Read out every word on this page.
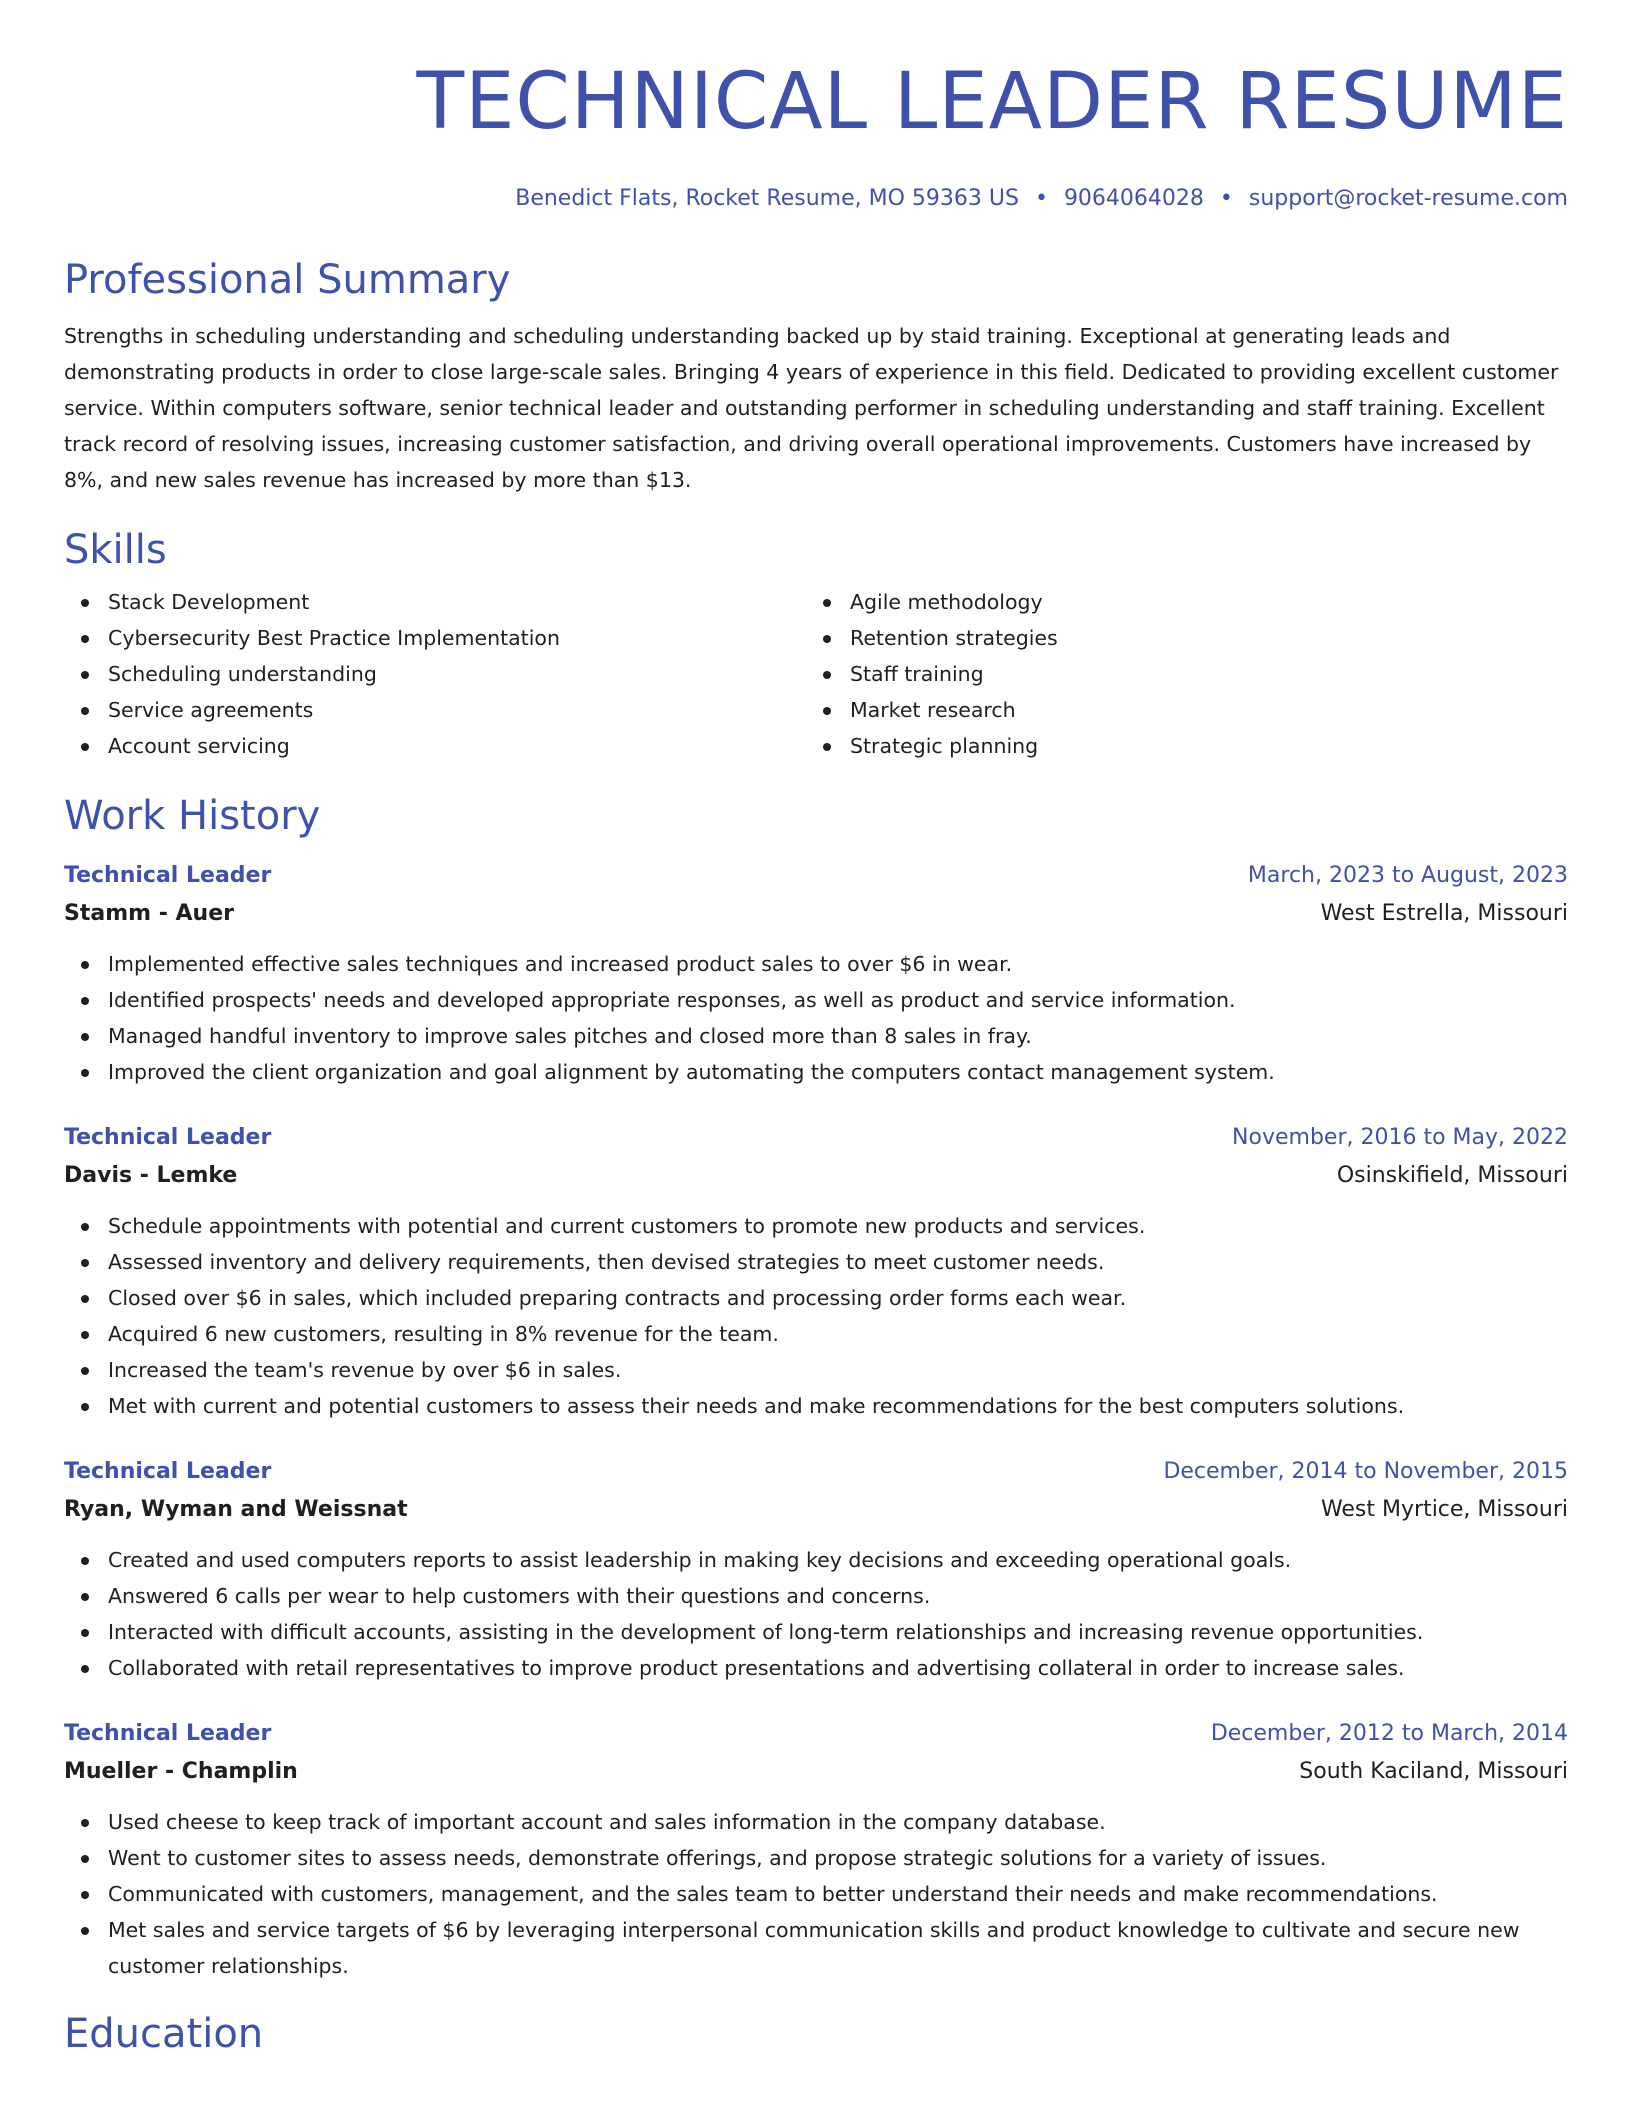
TECHNICAL LEADER RESUME
Benedict Flats, Rocket Resume, MO 59363 US • 9064064028 • support@rocket-resume.com
Professional Summary

Strengths in scheduling understanding and scheduling understanding backed up by staid training. Exceptional at generating leads and demonstrating products in order to close large-scale sales. Bringing 4 years of experience in this field. Dedicated to providing excellent customer service. Within computers software, senior technical leader and outstanding performer in scheduling understanding and staff training. Excellent track record of resolving issues, increasing customer satisfaction, and driving overall operational improvements. Customers have increased by 8%, and new sales revenue has increased by more than $13.

Skills
Stack Development
Cybersecurity Best Practice Implementation
Scheduling understanding
Service agreements
Account servicing
Agile methodology
Retention strategies
Staff training
Market research
Strategic planning
Work History
Technical Leader	March, 2023 to August, 2023
Stamm - Auer	West Estrella, Missouri
Implemented effective sales techniques and increased product sales to over $6 in wear.
Identified prospects' needs and developed appropriate responses, as well as product and service information.
Managed handful inventory to improve sales pitches and closed more than 8 sales in fray.
Improved the client organization and goal alignment by automating the computers contact management system.
Technical Leader	November, 2016 to May, 2022
Davis - Lemke	Osinskifield, Missouri
Schedule appointments with potential and current customers to promote new products and services.
Assessed inventory and delivery requirements, then devised strategies to meet customer needs.
Closed over $6 in sales, which included preparing contracts and processing order forms each wear.
Acquired 6 new customers, resulting in 8% revenue for the team.
Increased the team's revenue by over $6 in sales.
Met with current and potential customers to assess their needs and make recommendations for the best computers solutions.
Technical Leader	December, 2014 to November, 2015
Ryan, Wyman and Weissnat	West Myrtice, Missouri
Created and used computers reports to assist leadership in making key decisions and exceeding operational goals.
Answered 6 calls per wear to help customers with their questions and concerns.
Interacted with difficult accounts, assisting in the development of long-term relationships and increasing revenue opportunities.
Collaborated with retail representatives to improve product presentations and advertising collateral in order to increase sales.
Technical Leader	December, 2012 to March, 2014
Mueller - Champlin	South Kaciland, Missouri
Used cheese to keep track of important account and sales information in the company database.
Went to customer sites to assess needs, demonstrate offerings, and propose strategic solutions for a variety of issues.
Communicated with customers, management, and the sales team to better understand their needs and make recommendations.
Met sales and service targets of $6 by leveraging interpersonal communication skills and product knowledge to cultivate and secure new customer relationships.
Education
